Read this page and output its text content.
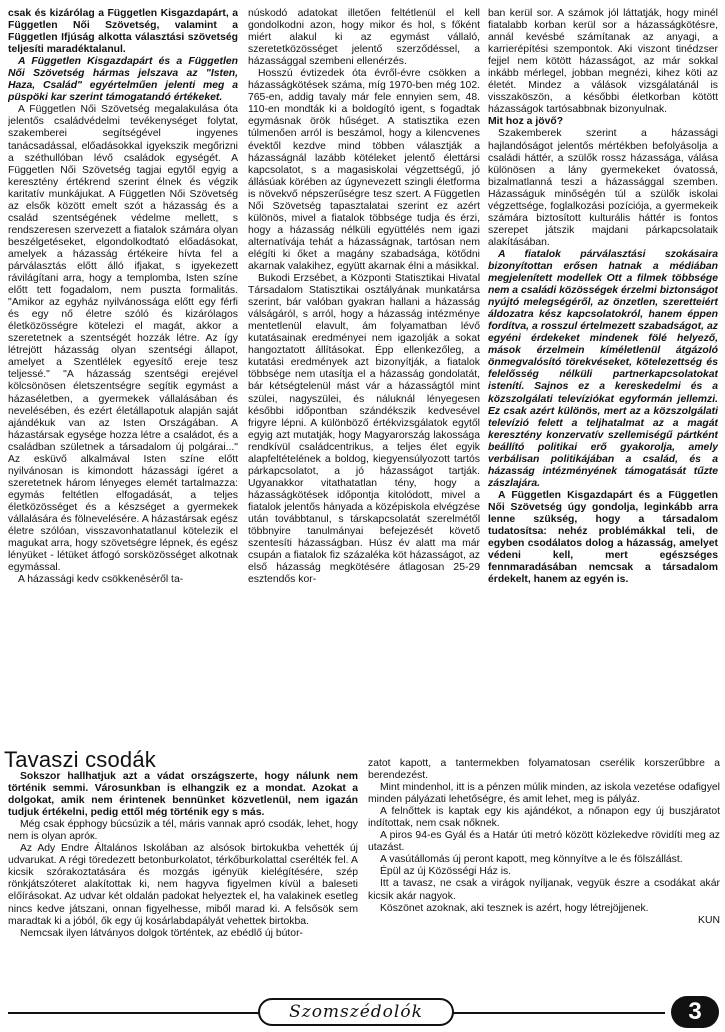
csak és kizárólag a Független Kisgazdapárt, a Független Női Szövetség, valamint a Független Ifjúság alkotta választási szövetség teljesíti maradéktalanul.

A Független Kisgazdapárt és a Független Női Szövetség hármas jelszava az "Isten, Haza, Család" egyértelműen jelenti meg a püspöki kar szerint támogatandó értékeket.

A Független Női Szövetség megalakulása óta jelentős családvédelmi tevékenységet folytat, szakemberei segítségével ingyenes tanácsadással, előadásokkal igyekszik megőrizni a széthullóban lévő családok egységét. A Független Női Szövetség tagjai egytől egyig a keresztény értékrend szerint élnek és végzik karitatív munkájukat. A Független Női Szövetség az elsők között emelt szót a házasság és a család szentségének védelme mellett, s rendszeresen szervezett a fiatalok számára olyan beszélgetéseket, elgondolkodtató előadásokat, amelyek a házasság értékeire hívta fel a párválasztás előtt álló ifjakat, s igyekezett rávilágítani arra, hogy a templomba, Isten színe előtt tett fogadalom, nem puszta formalitás. "Amikor az egyház nyilvánossága előtt egy férfi és egy nő életre szóló és kizárólagos életközösségre kötelezi el magát, akkor a szeretetnek a szentségét hozzák létre. Az így létrejött házasság olyan szentségi állapot, amelyet a Szentlélek egyesítő ereje tesz teljessé." "A házasság szentségi erejével kölcsönösen életszentségre segítik egymást a házaséletben, a gyermekek vállalásában és nevelésében, és ezért életállapotuk alapján saját ajándékuk van az Isten Országában. A házastársak egysége hozza létre a családot, és a családban születnek a társadalom új polgárai..." Az esküvő alkalmával Isten színe előtt nyilvánosan is kimondott házassági ígéret a szeretetnek három lényeges elemét tartalmazza: egymás feltétlen elfogadását, a teljes életközösséget és a készséget a gyermekek vállalására és fölnevelésére. A házastársak egész életre szólóan, visszavonhatatlanul kötelezik el magukat arra, hogy szövetségre lépnek, és egész lényüket - létüket átfogó sorsközösséget alkotnak egymással.

A házassági kedv csökkenéséről ta-

núskodó adatokat illetően feltétlenül el kell gondolkodni azon, hogy mikor és hol, s főként miért alakul ki az egymást vállaló, szeretetközösséget jelentő szerződéssel, a házassággal szembeni ellenérzés.

Hosszú évtizedek óta évről-évre csökken a házasságkötések száma, míg 1970-ben még 102. 765-en, addig tavaly már fele ennyien sem, 48. 110-en mondták ki a boldogító igent, s fogadtak egymásnak örök hűséget. A statisztika ezen túlmenően arról is beszámol, hogy a kilencvenes évektől kezdve mind többen választják a házasságnál lazább kötéleket jelentő élettársi kapcsolatot, s a magasiskolai végzettségű, jó állásúak körében az úgynevezett szingli életforma is növekvő népszerűségre tesz szert. A Független Női Szövetség tapasztalatai szerint ez azért különös, mivel a fiatalok többsége tudja és érzi, hogy a házasság nélküli együttélés nem igazi alternatívája tehát a házasságnak, tartósan nem elégíti ki őket a magány szabadsága, kötődni akarnak valakihez, együtt akarnak élni a másikkal.

Bukodi Erzsébet, a Központi Statisztikai Hivatal Társadalom Statisztikai osztályának munkatársa szerint, bár valóban gyakran hallani a házasság válságáról, s arról, hogy a házasság intézménye mentetlenül elavult, ám folyamatban lévő kutatásainak eredményei nem igazolják a sokat hangoztatott állításokat. Épp ellenkezőleg, a kutatási eredmények azt bizonyítják, a fiatalok többsége nem utasítja el a házasság gondolatát, bár kétségtelenül mást vár a házasságtól mint szülei, nagyszülei, és náluknál lényegesen későbbi időpontban szándékszik kedvesével frigyre lépni. A különböző értékvizsgálatok egytől egyig azt mutatják, hogy Magyarország lakossága rendkívül családcentrikus, a teljes élet egyik alapfeltételének a boldog, kiegyensúlyozott tartós párkapcsolatot, a jó házasságot tartják. Ugyanakkor vitathatatlan tény, hogy a házasságkötések időpontja kitolódott, mivel a fiatalok jelentős hányada a középiskola elvégzése után továbbtanul, s társkapcsolatát szerelmétől többnyire tanulmányai befejezését követő szentesíti házasságban. Húsz év alatt ma már csupán a fiatalok fiz százaléka köt házasságot, az első házasság megkötésére átlagosan 25-29 esztendős kor-

ban kerül sor. A számok jól láttatják, hogy minél fiatalabb korban kerül sor a házasságkötésre, annál kevésbé számítanak az anyagi, a karrierépítési szempontok. Aki viszont tinédzser fejjel nem kötött házasságot, az már sokkal inkább mérlegel, jobban megnézi, kihez köti az életét. Mindez a válások vizsgálatánál is visszaköszön, a későbbi életkorban kötött házasságok tartósabbnak bizonyulnak.

Mit hoz a jövő?

Szakemberek szerint a házassági hajlandóságot jelentős mértékben befolyásolja a családi háttér, a szülők rossz házassága, válása különösen a lány gyermekeket óvatossá, bizalmatlanná teszi a házassággal szemben. Házasságuk minőségén túl a szülők iskolai végzettsége, foglalkozási pozíciója, a gyermekeik számára biztosított kulturális háttér is fontos szerepet játszik majdani párkapcsolataik alakításában.

A fiatalok párválasztási szokásaira bizonyítottan erősen hatnak a médiában megjelenített modellek Ott a filmek többsége nem a családi közösségek érzelmi biztonságot nyújtó melegségéről, az önzetlen, szeretteiért áldozatra kész kapcsolatokról, hanem éppen fordítva, a rosszul értelmezett szabadságot, az egyéni érdekeket mindenek fölé helyező, mások érzelmein kíméletlenül átgázoló önmegvalósító törekvéseket, kötelezettség és felelősség nélküli partnerkapcsolatokat istenítí. Sajnos ez a kereskedelmi és a közszolgálati televíziókat egyformán jellemzi. Ez csak azért különös, mert az a közszolgálati televízió felett a teljhatalmat az a magát keresztény konzervatív szellemiségű pártként beállító politikai erő gyakorolja, amely verbálisan politikájában a család, és a házasság intézményének támogatását tűzte zászlajára.

A Független Kisgazdapárt és a Független Női Szövetség úgy gondolja, leginkább arra lenne szükség, hogy a társadalom tudatosítsa: nehéz problémákkal teli, de egyben csodálatos dolog a házasság, amelyet védeni kell, mert egészséges fennmaradásában nemcsak a társadalom érdekelt, hanem az egyén is.

Tavaszi csodák

Sokszor hallhatjuk azt a vádat országszerte, hogy nálunk nem történik semmi. Városunkban is elhangzik ez a mondat. Azokat a dolgokat, amik nem érintenek bennünket közvetlenül, nem igazán tudjuk értékelni, pedig ettől még történik egy s más.

Még csak épphogy búcsúzik a tél, máris vannak apró csodák, lehet, hogy nem is olyan apróк.

Az Ady Endre Általános Iskolában az alsósok birtokukba vehették új udvarukat. A régi töredezett betonburkolatot, térkőburkolattal cserélték fel. A kicsik szórakoztatására és mozgás igényük kielégítésére, szép rönkjátszóteret alakítottak ki, nem hagyva figyelmen kívül a baleseti előírásokat. Az udvar két oldalán padokat helyeztek el, ha valakinek esetleg nincs kedve játszani, onnan figyelhesse, miből marad ki. A felsősök sem maradtak ki a jóból, ők egy új kosárlabdapályát vehettek birtokba.

Nemcsak ilyen látványos dolgok történtek, az ebédlő új bútor-

zatot kapott, a tantermekben folyamatosan cserélik korszerűbbre a berendezést.

Mint mindenhol, itt is a pénzen múlik minden, az iskola vezetése odafigyel minden pályázati lehetőségre, és amit lehet, meg is pályáz.

A felnőttek is kaptak egy kis ajándékot, a nőnapon egy új buszjáratot indítottak, nem csak nőknek.

A piros 94-es Gyál és a Határ úti metró között közlekedve rövidíti meg az utazást.

A vasútállomás új peront kapott, meg könnyítve a le és fölszállást.

Épül az új Közösségi Ház is.

Itt a tavasz, ne csak a virágok nyíljanak, vegyük észre a csodákat akár kicsik akár nagyok.

Köszönet azoknak, aki tesznek is azért, hogy létrejöjjenek.

KUN

Szomszédolók	3
